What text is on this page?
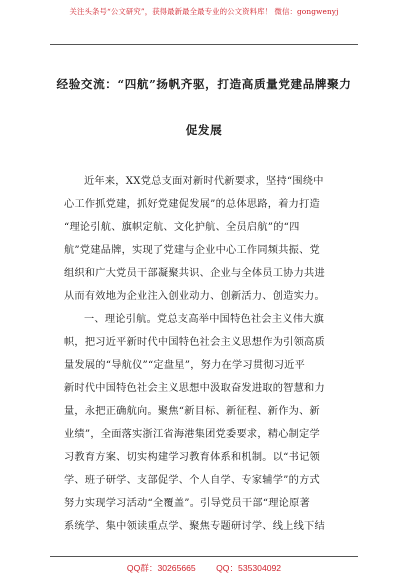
关注头条号“公文研究”，获得最新最全最专业的公文资料库！ 微信：gongwenyj
经验交流：“四航”扬帆齐驱，打造高质量党建品牌聚力
促发展
近年来，XX党总支面对新时代新要求，坚持“围绕中
心工作抓党建，抓好党建促发展”的总体思路，着力打造
“理论引航、旗帜定航、文化护航、全员启航”的“四
航”党建品牌，实现了党建与企业中心工作同频共振、党
组织和广大党员干部凝聚共识、企业与全体员工协力共进
从而有效地为企业注入创业动力、创新活力、创造实力。
一、理论引航。党总支高举中国特色社会主义伟大旗
帜，把习近平新时代中国特色社会主义思想作为引领高质
量发展的“导航仪”“定盘星”，努力在学习贯彻习近平
新时代中国特色社会主义思想中汲取奋发进取的智慧和力
量，永把正确航向。聚焦“新目标、新征程、新作为、新
业绩”，全面落实浙江省海港集团党委要求，精心制定学
习教育方案、切实构建学习教育体系和机制。以“书记领
学、班子研学、支部促学、个人自学、专家辅学”的方式
努力实现学习活动“全覆盖”。引导党员干部“理论原著
系统学、集中领读重点学、聚焦专题研讨学、线上线下结
QQ群：30265665 QQ：535304092
